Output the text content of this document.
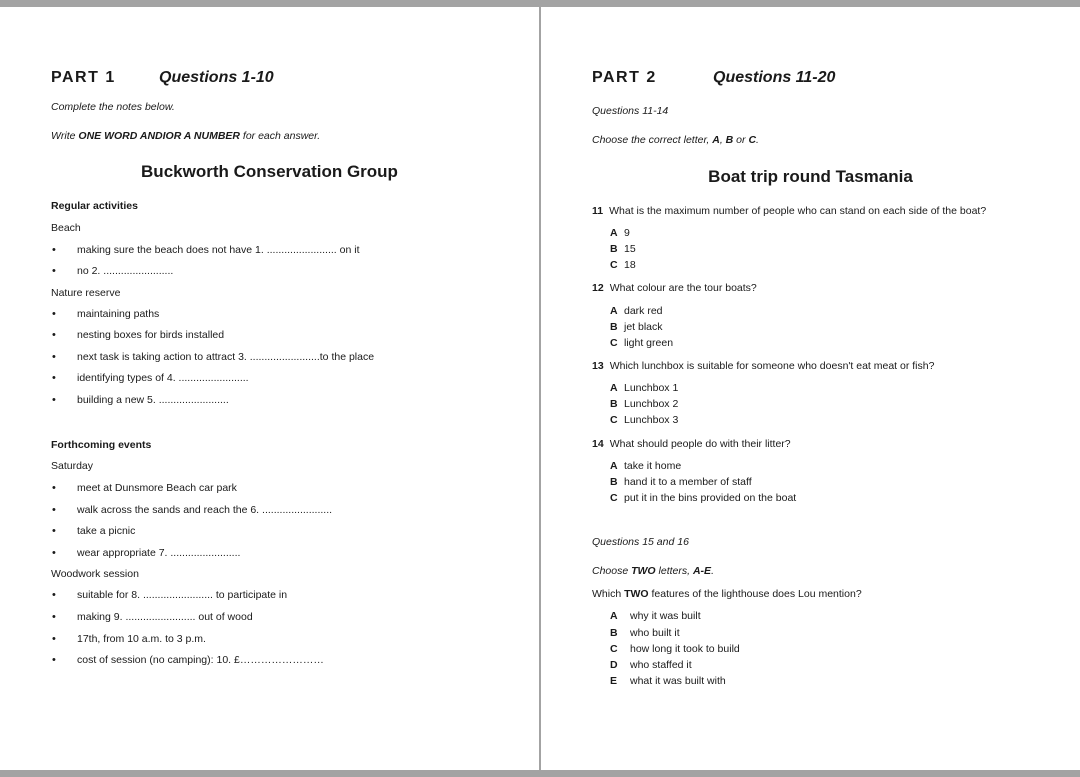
PART 1	Questions 1-10
Complete the notes below.
Write ONE WORD ANDIOR A NUMBER for each answer.
Buckworth Conservation Group
Regular activities
Beach
• making sure the beach does not have 1. ........................ on it
• no 2. ........................
Nature reserve
• maintaining paths
• nesting boxes for birds installed
• next task is taking action to attract 3. ........................to the place
• identifying types of 4. ........................
• building a new 5. ........................
Forthcoming events
Saturday
• meet at Dunsmore Beach car park
• walk across the sands and reach the 6. ........................
• take a picnic
• wear appropriate 7. ........................
Woodwork session
• suitable for 8. ........................ to participate in
• making 9. ........................ out of wood
• 17th, from 10 a.m. to 3 p.m.
• cost of session (no camping): 10. £……………………
PART 2	Questions 11-20
Questions 11-14
Choose the correct letter, A, B or C.
Boat trip round Tasmania
11 What is the maximum number of people who can stand on each side of the boat?
A 9
B 15
C 18
12 What colour are the tour boats?
A dark red
B jet black
C light green
13 Which lunchbox is suitable for someone who doesn't eat meat or fish?
A Lunchbox 1
B Lunchbox 2
C Lunchbox 3
14 What should people do with their litter?
A take it home
B hand it to a member of staff
C put it in the bins provided on the boat
Questions 15 and 16
Choose TWO letters, A-E.
Which TWO features of the lighthouse does Lou mention?
A why it was built
B who built it
C how long it took to build
D who staffed it
E what it was built with
